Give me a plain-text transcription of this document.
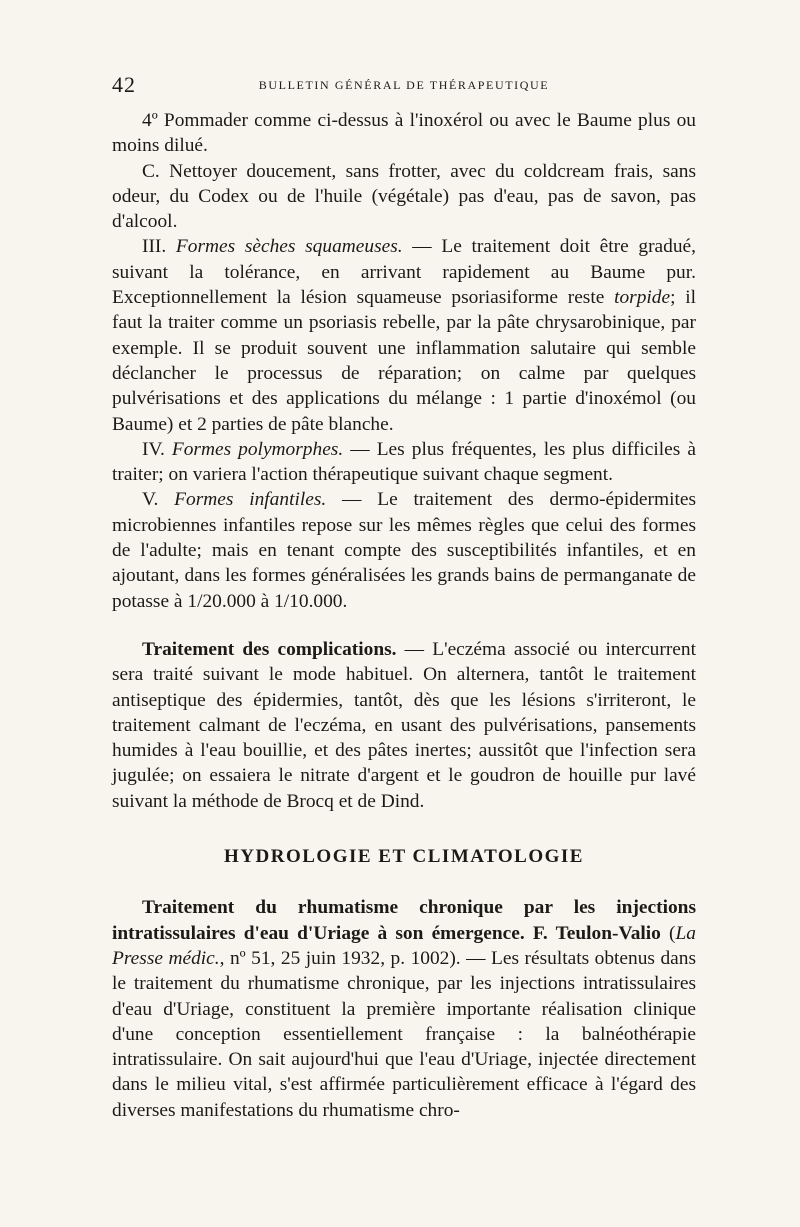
42	BULLETIN GÉNÉRAL DE THÉRAPEUTIQUE

4º Pommader comme ci-dessus à l'inoxérol ou avec le Baume plus ou moins dilué.

C. Nettoyer doucement, sans frotter, avec du coldcream frais, sans odeur, du Codex ou de l'huile (végétale) pas d'eau, pas de savon, pas d'alcool.

III. Formes sèches squameuses. — Le traitement doit être gradué, suivant la tolérance, en arrivant rapidement au Baume pur. Exceptionnellement la lésion squameuse psoriasiforme reste torpide; il faut la traiter comme un psoriasis rebelle, par la pâte chrysarobinique, par exemple. Il se produit souvent une inflammation salutaire qui semble déclancher le processus de réparation; on calme par quelques pulvérisations et des applications du mélange : 1 partie d'inoxémol (ou Baume) et 2 parties de pâte blanche.

IV. Formes polymorphes. — Les plus fréquentes, les plus difficiles à traiter; on variera l'action thérapeutique suivant chaque segment.

V. Formes infantiles. — Le traitement des dermo-épidermites microbiennes infantiles repose sur les mêmes règles que celui des formes de l'adulte; mais en tenant compte des susceptibilités infantiles, et en ajoutant, dans les formes généralisées les grands bains de permanganate de potasse à 1/20.000 à 1/10.000.

Traitement des complications. — L'eczéma associé ou intercurrent sera traité suivant le mode habituel. On alternera, tantôt le traitement antiseptique des épidermies, tantôt, dès que les lésions s'irriteront, le traitement calmant de l'eczéma, en usant des pulvérisations, pansements humides à l'eau bouillie, et des pâtes inertes; aussitôt que l'infection sera jugulée; on essaiera le nitrate d'argent et le goudron de houille pur lavé suivant la méthode de Brocq et de Dind.

HYDROLOGIE ET CLIMATOLOGIE

Traitement du rhumatisme chronique par les injections intratissulaires d'eau d'Uriage à son émergence. F. Teulon-Valio (La Presse médic., nº 51, 25 juin 1932, p. 1002). — Les résultats obtenus dans le traitement du rhumatisme chronique, par les injections intratissulaires d'eau d'Uriage, constituent la première importante réalisation clinique d'une conception essentiellement française : la balnéothérapie intratissulaire. On sait aujourd'hui que l'eau d'Uriage, injectée directement dans le milieu vital, s'est affirmée particulièrement efficace à l'égard des diverses manifestations du rhumatisme chro-
